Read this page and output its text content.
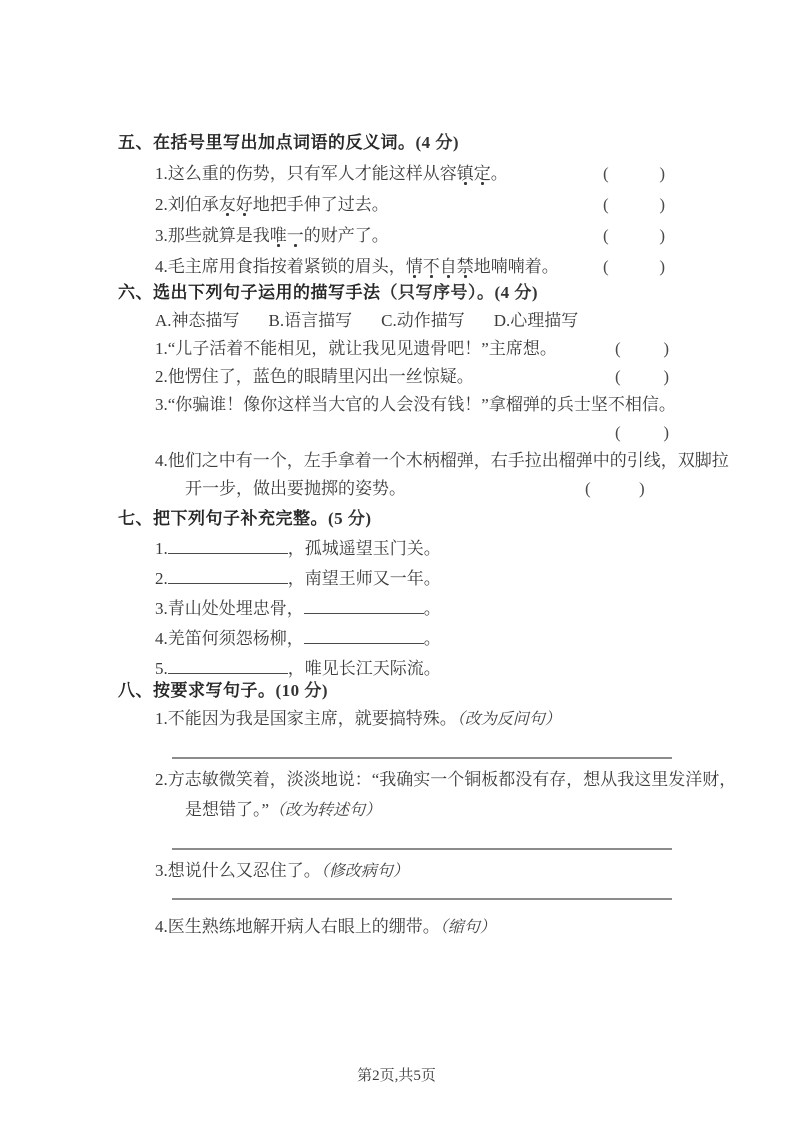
五、在括号里写出加点词语的反义词。(4 分)
1.这么重的伤势，只有军人才能这样从容镇定。	(	)
2.刘伯承友好地把手伸了过去。	(	)
3.那些就算是我唯一的财产了。	(	)
4.毛主席用食指按着紧锁的眉头，情不自禁地喃喃着。	(	)
六、选出下列句子运用的描写手法（只写序号）。(4 分)
A.神态描写 B.语言描写 C.动作描写 D.心理描写
1.“儿子活着不能相见，就让我见见遗骨吧！”主席想。	(	)
2.他愣住了，蓝色的眼睛里闪出一丝惊疑。	(	)
3.“你骗谁！像你这样当大官的人会没有钱！”拿榴弹的兵士坚不相信。
(	)
4.他们之中有一个，左手拿着一个木柄榴弹，右手拉出榴弹中的引线，双脚拉开一步，做出要抛掷的姿势。	(	)
七、把下列句子补充完整。(5 分)
1.	，孤城遥望玉门关。
2.	，南望王师又一年。
3.青山处处埋忠骨，	。
4.羌笛何须怨杨柳，	。
5.	，唯见长江天际流。
八、按要求写句子。(10 分)
1.不能因为我是国家主席，就要搞特殊。（改为反问句）
2.方志敏微笑着，淡淡地说：“我确实一个铜板都没有存，想从我这里发洋财，是想错了。”（改为转述句）
3.想说什么又忍住了。（修改病句）
4.医生熟练地解开病人右眼上的绷带。（缩句）
第2页,共5页
